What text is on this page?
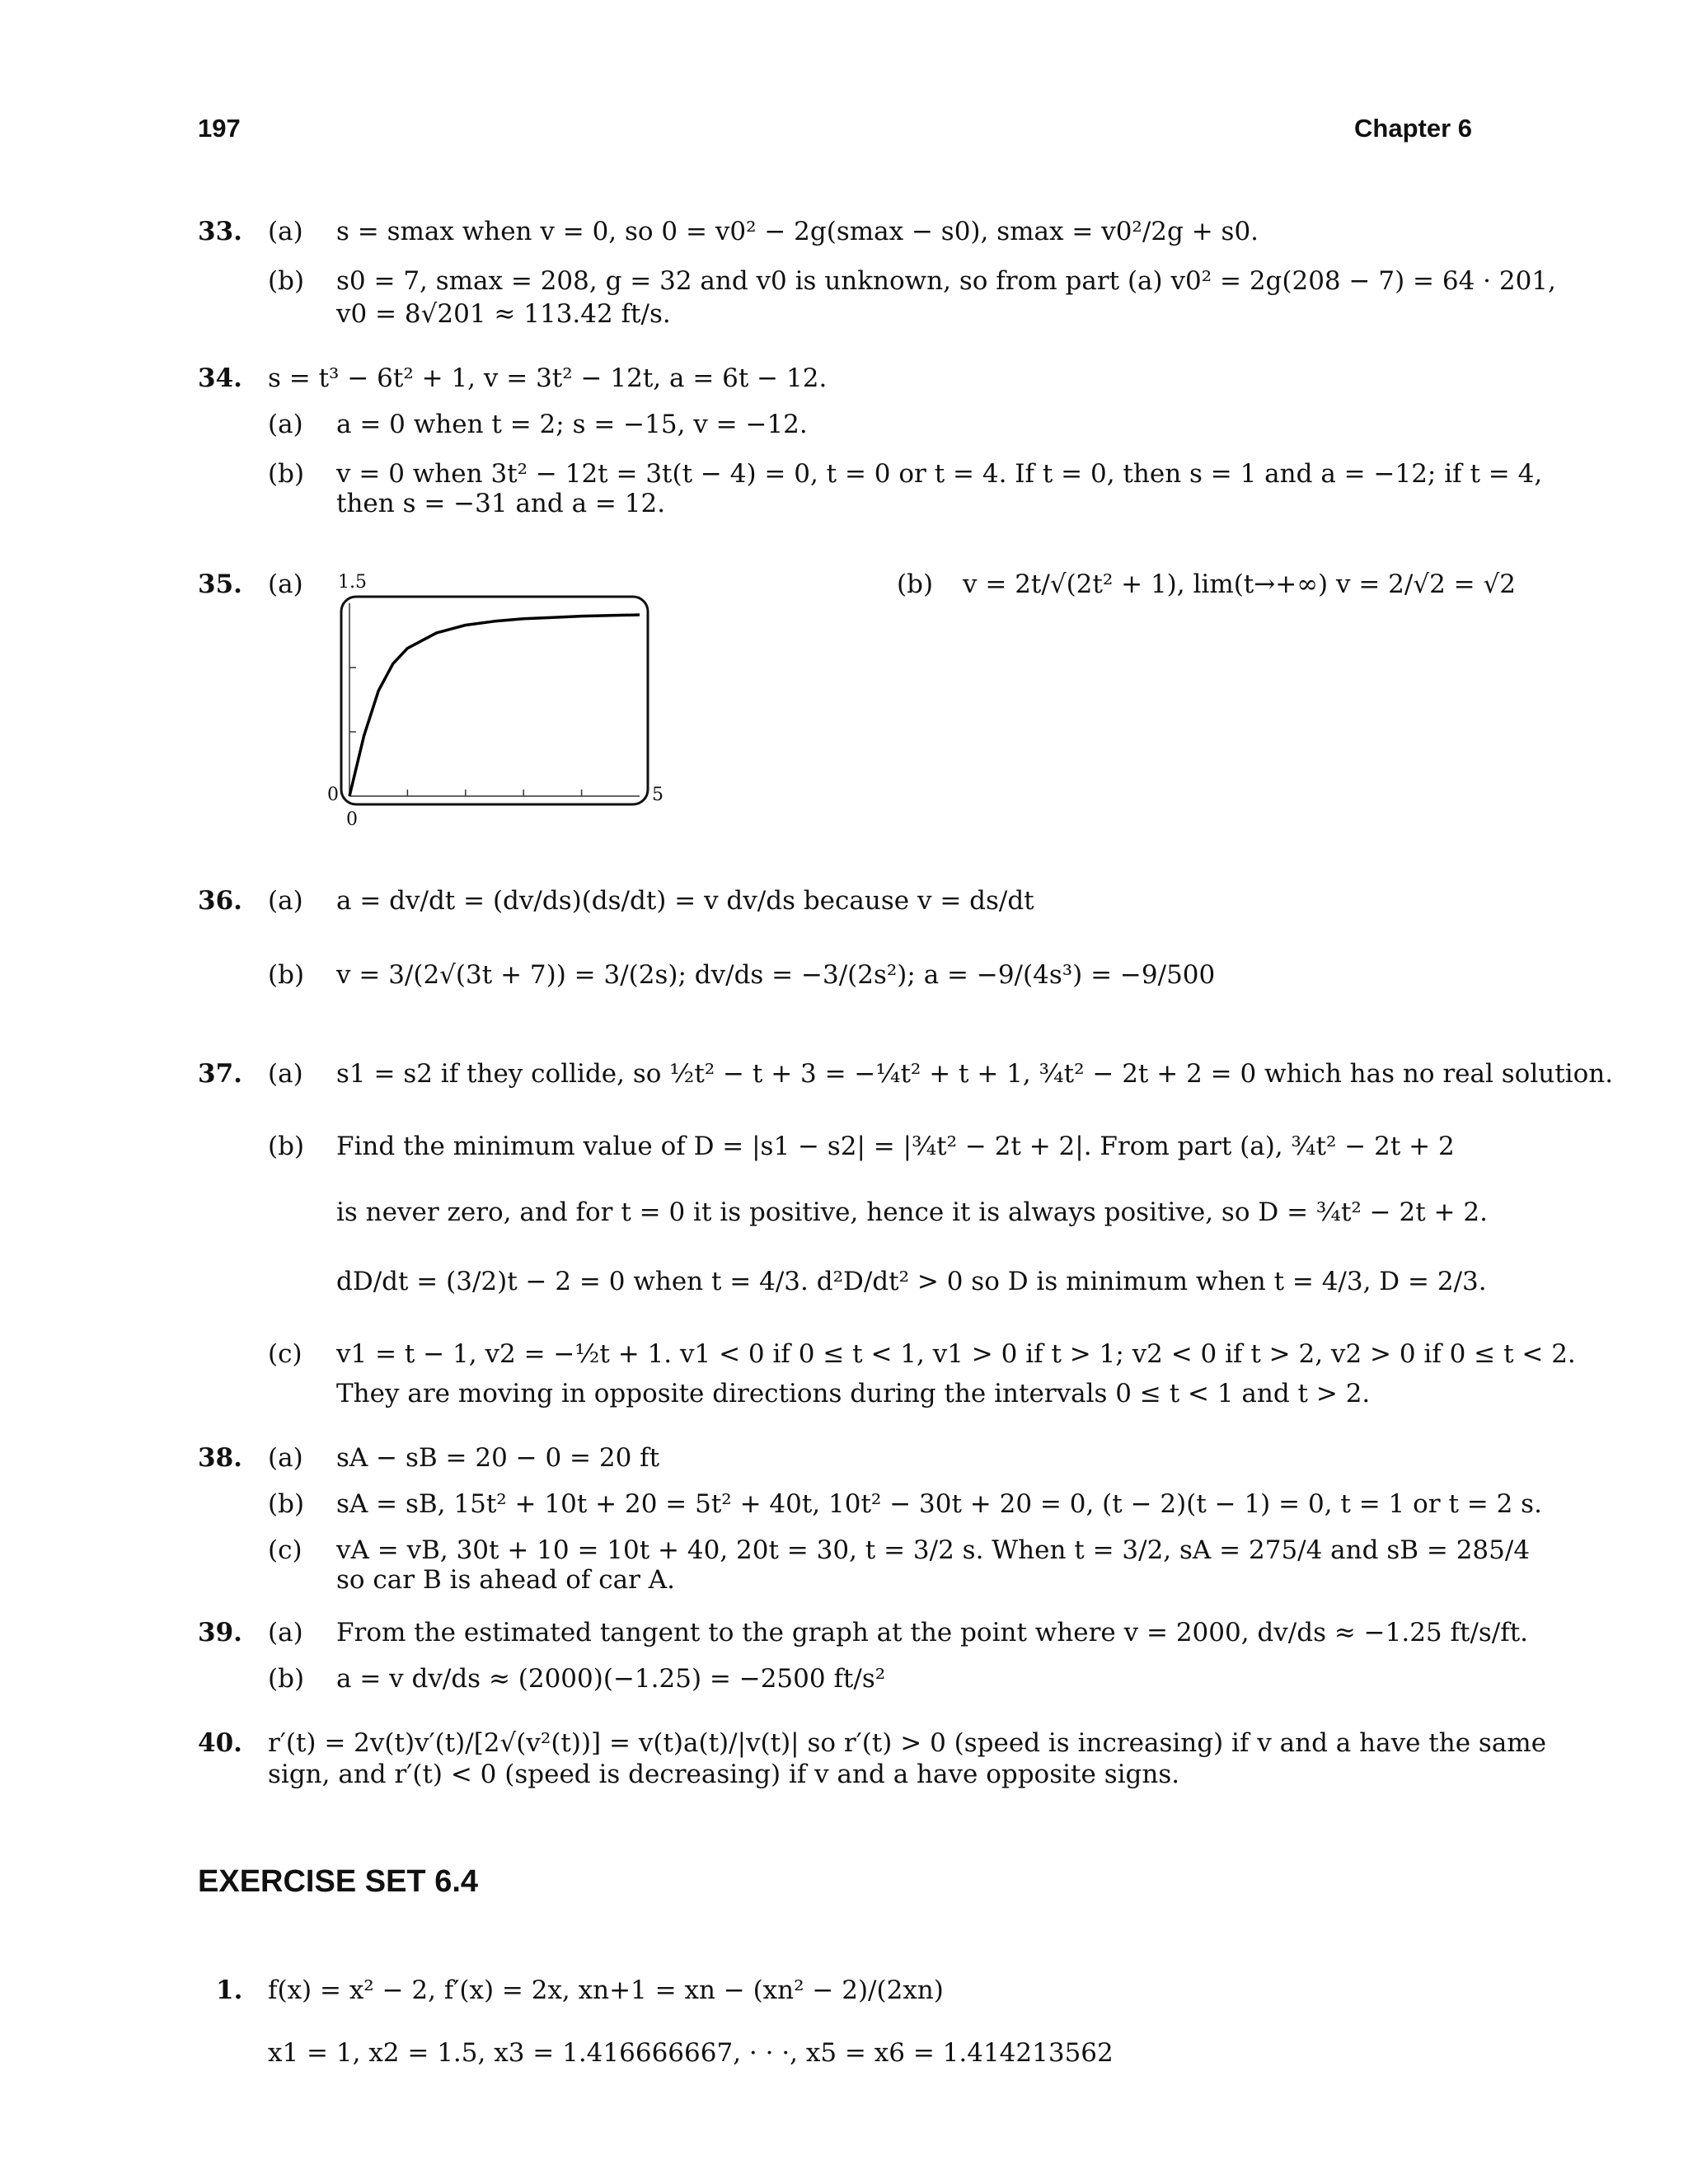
197	Chapter 6
33. (a) s = smax when v = 0, so 0 = v0² − 2g(smax − s0), smax = v0²/2g + s0.
(b) s0 = 7, smax = 208, g = 32 and v0 is unknown, so from part (a) v0² = 2g(208 − 7) = 64 · 201,
v0 = 8√201 ≈ 113.42 ft/s.
34. s = t³ − 6t² + 1, v = 3t² − 12t, a = 6t − 12.
(a) a = 0 when t = 2; s = −15, v = −12.
(b) v = 0 when 3t² − 12t = 3t(t − 4) = 0, t = 0 or t = 4. If t = 0, then s = 1 and a = −12; if t = 4,
then s = −31 and a = 12.
35. (a) 1.5
0	5
0
(b) v = 2t/√(2t² + 1), lim(t→+∞) v = 2/√2 = √2
36. (a) a = dv/dt = (dv/ds)(ds/dt) = v dv/ds because v = ds/dt
(b) v = 3/(2√(3t + 7)) = 3/(2s); dv/ds = −3/(2s²); a = −9/(4s³) = −9/500
37. (a) s1 = s2 if they collide, so ½t² − t + 3 = −¼t² + t + 1, ¾t² − 2t + 2 = 0 which has no real solution.
(b) Find the minimum value of D = |s1 − s2| = |¾t² − 2t + 2|. From part (a), ¾t² − 2t + 2
is never zero, and for t = 0 it is positive, hence it is always positive, so D = ¾t² − 2t + 2.
dD/dt = (3/2)t − 2 = 0 when t = 4/3. d²D/dt² > 0 so D is minimum when t = 4/3, D = 2/3.
(c) v1 = t − 1, v2 = −½t + 1. v1 < 0 if 0 ≤ t < 1, v1 > 0 if t > 1; v2 < 0 if t > 2, v2 > 0 if 0 ≤ t < 2.
They are moving in opposite directions during the intervals 0 ≤ t < 1 and t > 2.
38. (a) sA − sB = 20 − 0 = 20 ft
(b) sA = sB, 15t² + 10t + 20 = 5t² + 40t, 10t² − 30t + 20 = 0, (t − 2)(t − 1) = 0, t = 1 or t = 2 s.
(c) vA = vB, 30t + 10 = 10t + 40, 20t = 30, t = 3/2 s. When t = 3/2, sA = 275/4 and sB = 285/4
so car B is ahead of car A.
39. (a) From the estimated tangent to the graph at the point where v = 2000, dv/ds ≈ −1.25 ft/s/ft.
(b) a = v dv/ds ≈ (2000)(−1.25) = −2500 ft/s²
40. r′(t) = 2v(t)v′(t)/[2√(v²(t))] = v(t)a(t)/|v(t)| so r′(t) > 0 (speed is increasing) if v and a have the same
sign, and r′(t) < 0 (speed is decreasing) if v and a have opposite signs.
EXERCISE SET 6.4
1. f(x) = x² − 2, f′(x) = 2x, xn+1 = xn − (xn² − 2)/(2xn)
x1 = 1, x2 = 1.5, x3 = 1.416666667, · · ·, x5 = x6 = 1.414213562
